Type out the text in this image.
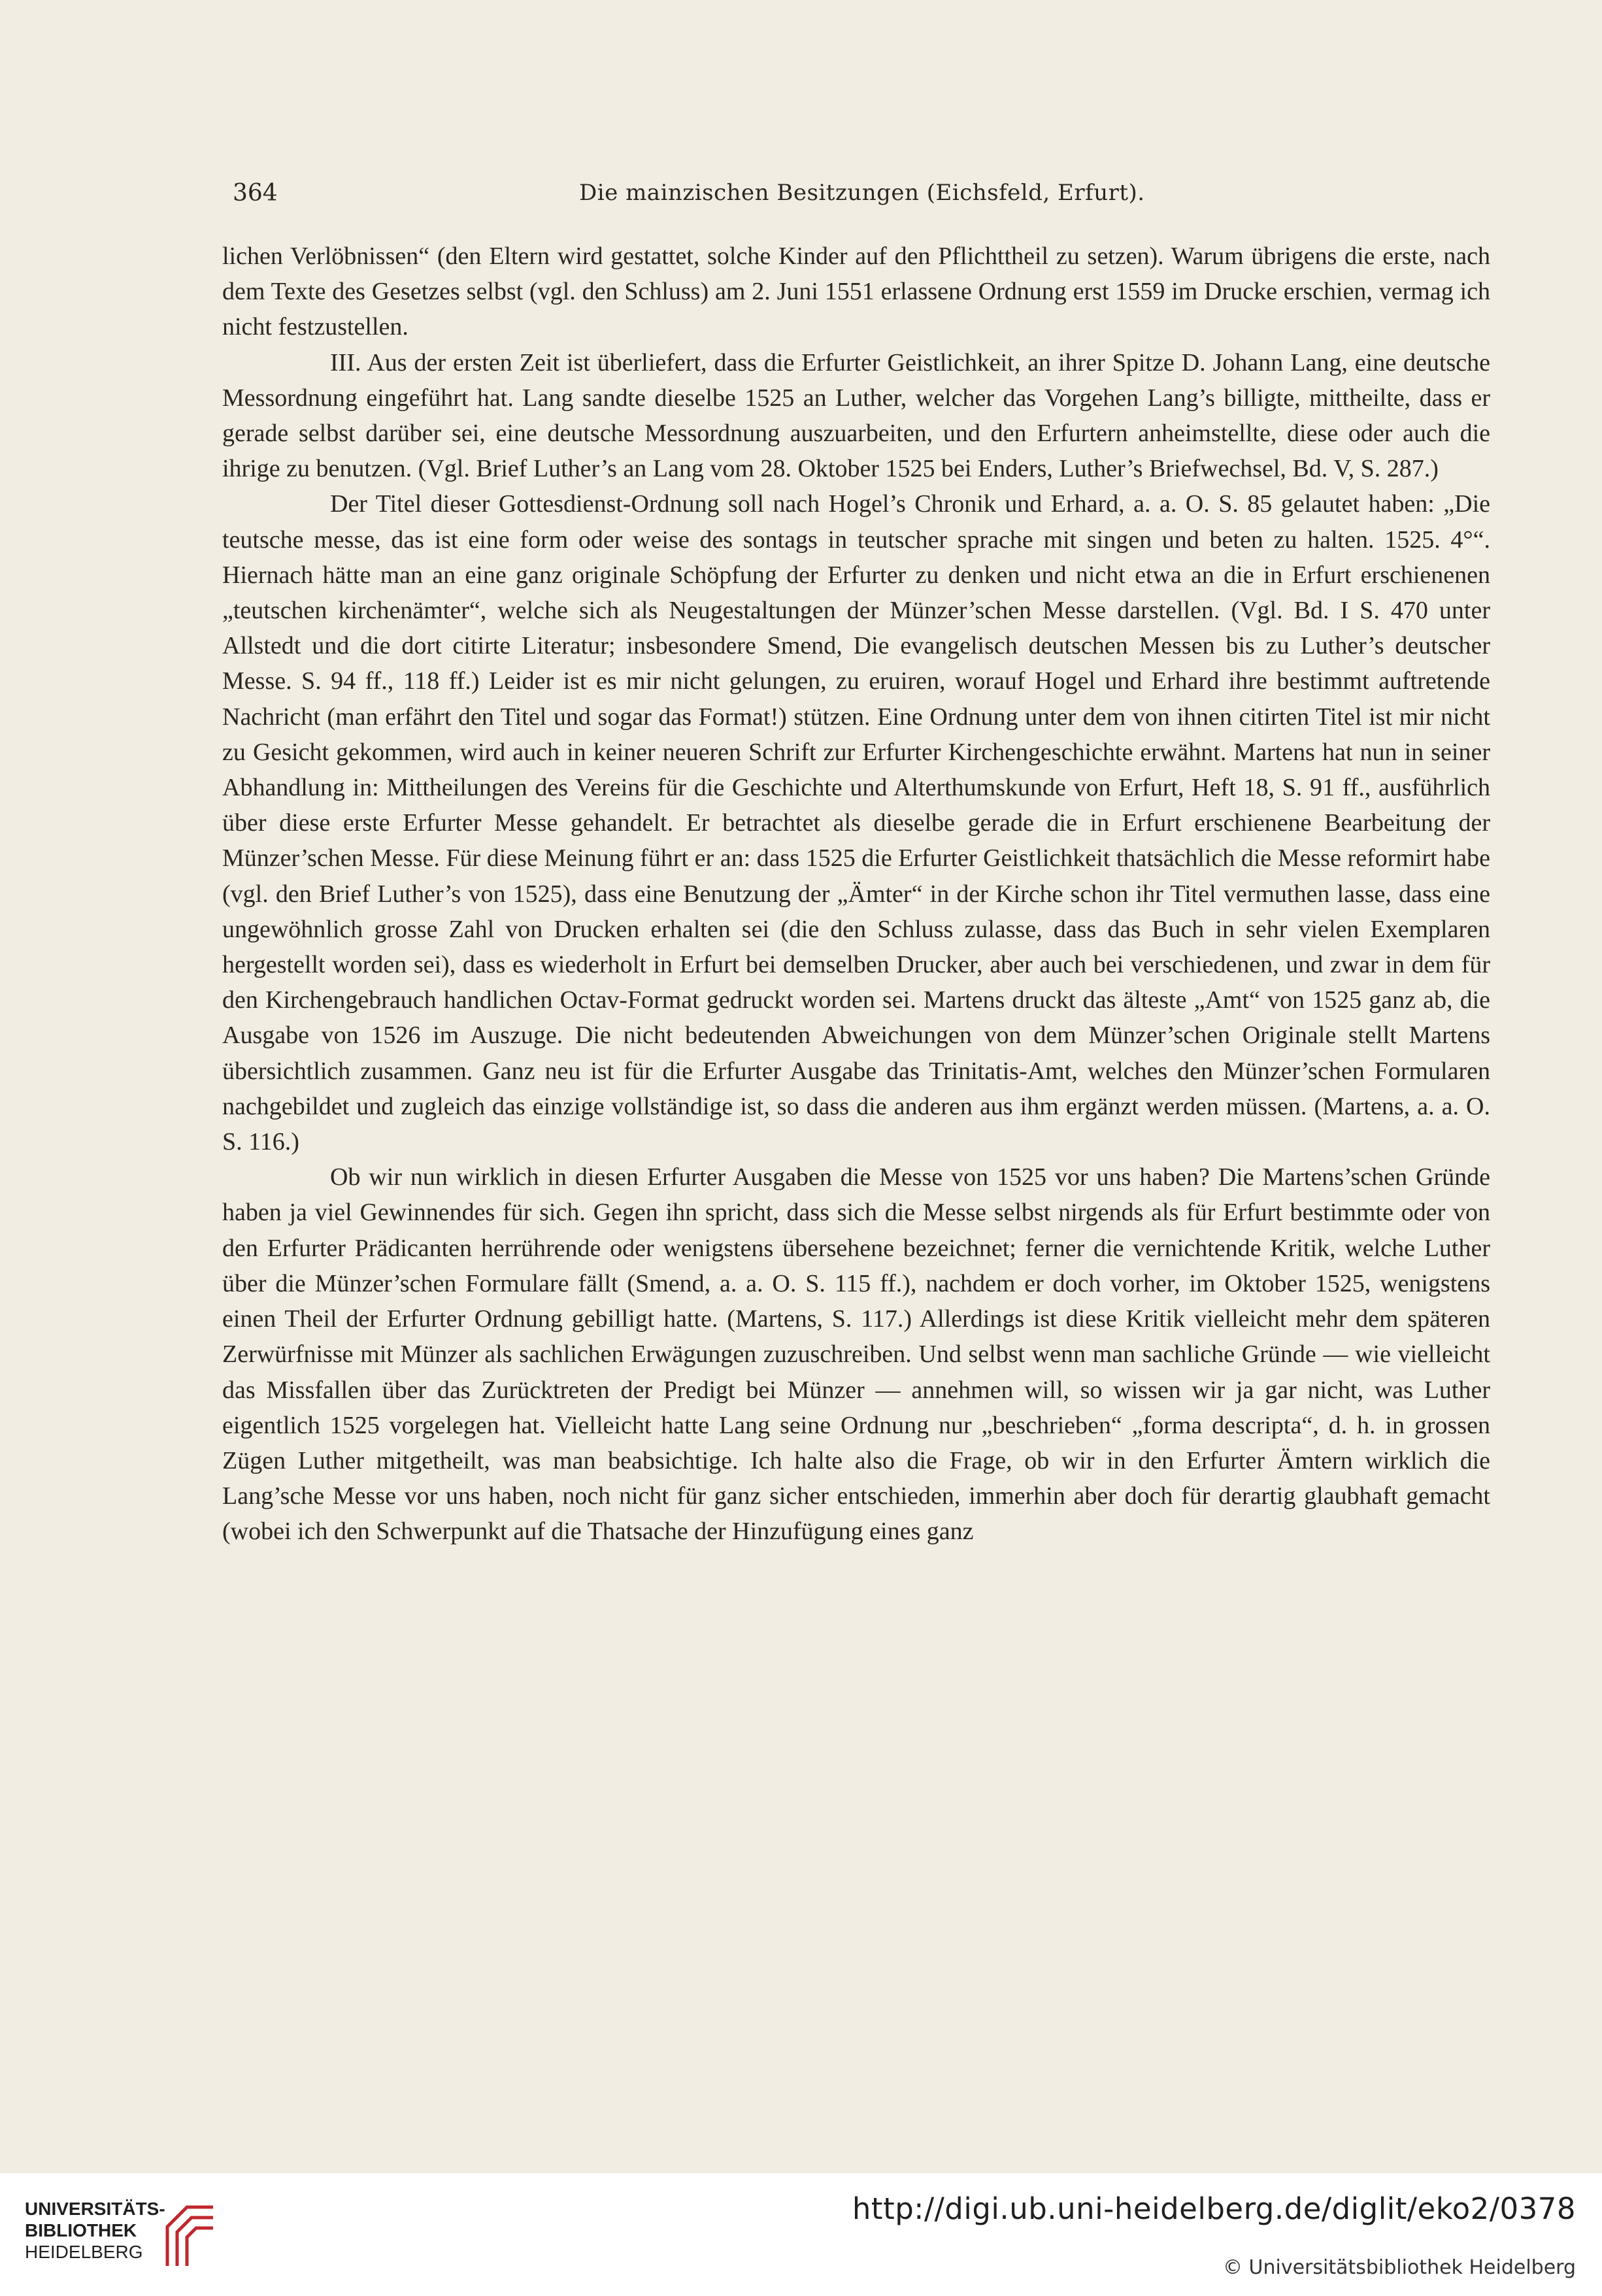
364	Die mainzischen Besitzungen (Eichsfeld, Erfurt).

lichen Verlöbnissen“ (den Eltern wird gestattet, solche Kinder auf den Pflichttheil zu setzen). Warum übrigens die erste, nach dem Texte des Gesetzes selbst (vgl. den Schluss) am 2. Juni 1551 erlassene Ordnung erst 1559 im Drucke erschien, vermag ich nicht festzustellen.

III. Aus der ersten Zeit ist überliefert, dass die Erfurter Geistlichkeit, an ihrer Spitze D. Johann Lang, eine deutsche Messordnung eingeführt hat. Lang sandte dieselbe 1525 an Luther, welcher das Vorgehen Lang’s billigte, mittheilte, dass er gerade selbst darüber sei, eine deutsche Messordnung auszuarbeiten, und den Erfurtern anheimstellte, diese oder auch die ihrige zu benutzen. (Vgl. Brief Luther’s an Lang vom 28. Oktober 1525 bei Enders, Luther’s Briefwechsel, Bd. V, S. 287.)

Der Titel dieser Gottesdienst-Ordnung soll nach Hogel’s Chronik und Erhard, a. a. O. S. 85 gelautet haben: „Die teutsche messe, das ist eine form oder weise des sontags in teutscher sprache mit singen und beten zu halten. 1525. 4°“. Hiernach hätte man an eine ganz originale Schöpfung der Erfurter zu denken und nicht etwa an die in Erfurt erschienenen „teutschen kirchenämter“, welche sich als Neugestaltungen der Münzer’schen Messe darstellen. (Vgl. Bd. I S. 470 unter Allstedt und die dort citirte Literatur; insbesondere Smend, Die evangelisch deutschen Messen bis zu Luther’s deutscher Messe. S. 94 ff., 118 ff.) Leider ist es mir nicht gelungen, zu eruiren, worauf Hogel und Erhard ihre bestimmt auftretende Nachricht (man erfährt den Titel und sogar das Format!) stützen. Eine Ordnung unter dem von ihnen citirten Titel ist mir nicht zu Gesicht gekommen, wird auch in keiner neueren Schrift zur Erfurter Kirchengeschichte erwähnt. Martens hat nun in seiner Abhandlung in: Mittheilungen des Vereins für die Geschichte und Alterthumskunde von Erfurt, Heft 18, S. 91 ff., ausführlich über diese erste Erfurter Messe gehandelt. Er betrachtet als dieselbe gerade die in Erfurt erschienene Bearbeitung der Münzer’schen Messe. Für diese Meinung führt er an: dass 1525 die Erfurter Geistlichkeit thatsächlich die Messe reformirt habe (vgl. den Brief Luther’s von 1525), dass eine Benutzung der „Ämter“ in der Kirche schon ihr Titel vermuthen lasse, dass eine ungewöhnlich grosse Zahl von Drucken erhalten sei (die den Schluss zulasse, dass das Buch in sehr vielen Exemplaren hergestellt worden sei), dass es wiederholt in Erfurt bei demselben Drucker, aber auch bei verschiedenen, und zwar in dem für den Kirchengebrauch handlichen Octav-Format gedruckt worden sei. Martens druckt das älteste „Amt“ von 1525 ganz ab, die Ausgabe von 1526 im Auszuge. Die nicht bedeutenden Abweichungen von dem Münzer’schen Originale stellt Martens übersichtlich zusammen. Ganz neu ist für die Erfurter Ausgabe das Trinitatis-Amt, welches den Münzer’schen Formularen nachgebildet und zugleich das einzige vollständige ist, so dass die anderen aus ihm ergänzt werden müssen. (Martens, a. a. O. S. 116.)

Ob wir nun wirklich in diesen Erfurter Ausgaben die Messe von 1525 vor uns haben? Die Martens’schen Gründe haben ja viel Gewinnendes für sich. Gegen ihn spricht, dass sich die Messe selbst nirgends als für Erfurt bestimmte oder von den Erfurter Prädicanten herrührende oder wenigstens übersehene bezeichnet; ferner die vernichtende Kritik, welche Luther über die Münzer’schen Formulare fällt (Smend, a. a. O. S. 115 ff.), nachdem er doch vorher, im Oktober 1525, wenigstens einen Theil der Erfurter Ordnung gebilligt hatte. (Martens, S. 117.) Allerdings ist diese Kritik vielleicht mehr dem späteren Zerwürfnisse mit Münzer als sachlichen Erwägungen zuzuschreiben. Und selbst wenn man sachliche Gründe — wie vielleicht das Missfallen über das Zurücktreten der Predigt bei Münzer — annehmen will, so wissen wir ja gar nicht, was Luther eigentlich 1525 vorgelegen hat. Vielleicht hatte Lang seine Ordnung nur „beschrieben“ „forma descripta“, d. h. in grossen Zügen Luther mitgetheilt, was man beabsichtige. Ich halte also die Frage, ob wir in den Erfurter Ämtern wirklich die Lang’sche Messe vor uns haben, noch nicht für ganz sicher entschieden, immerhin aber doch für derartig glaubhaft gemacht (wobei ich den Schwerpunkt auf die Thatsache der Hinzufügung eines ganz

UNIVERSITÄTS-
BIBLIOTHEK
HEIDELBERG
http://digi.ub.uni-heidelberg.de/diglit/eko2/0378
© Universitätsbibliothek Heidelberg
